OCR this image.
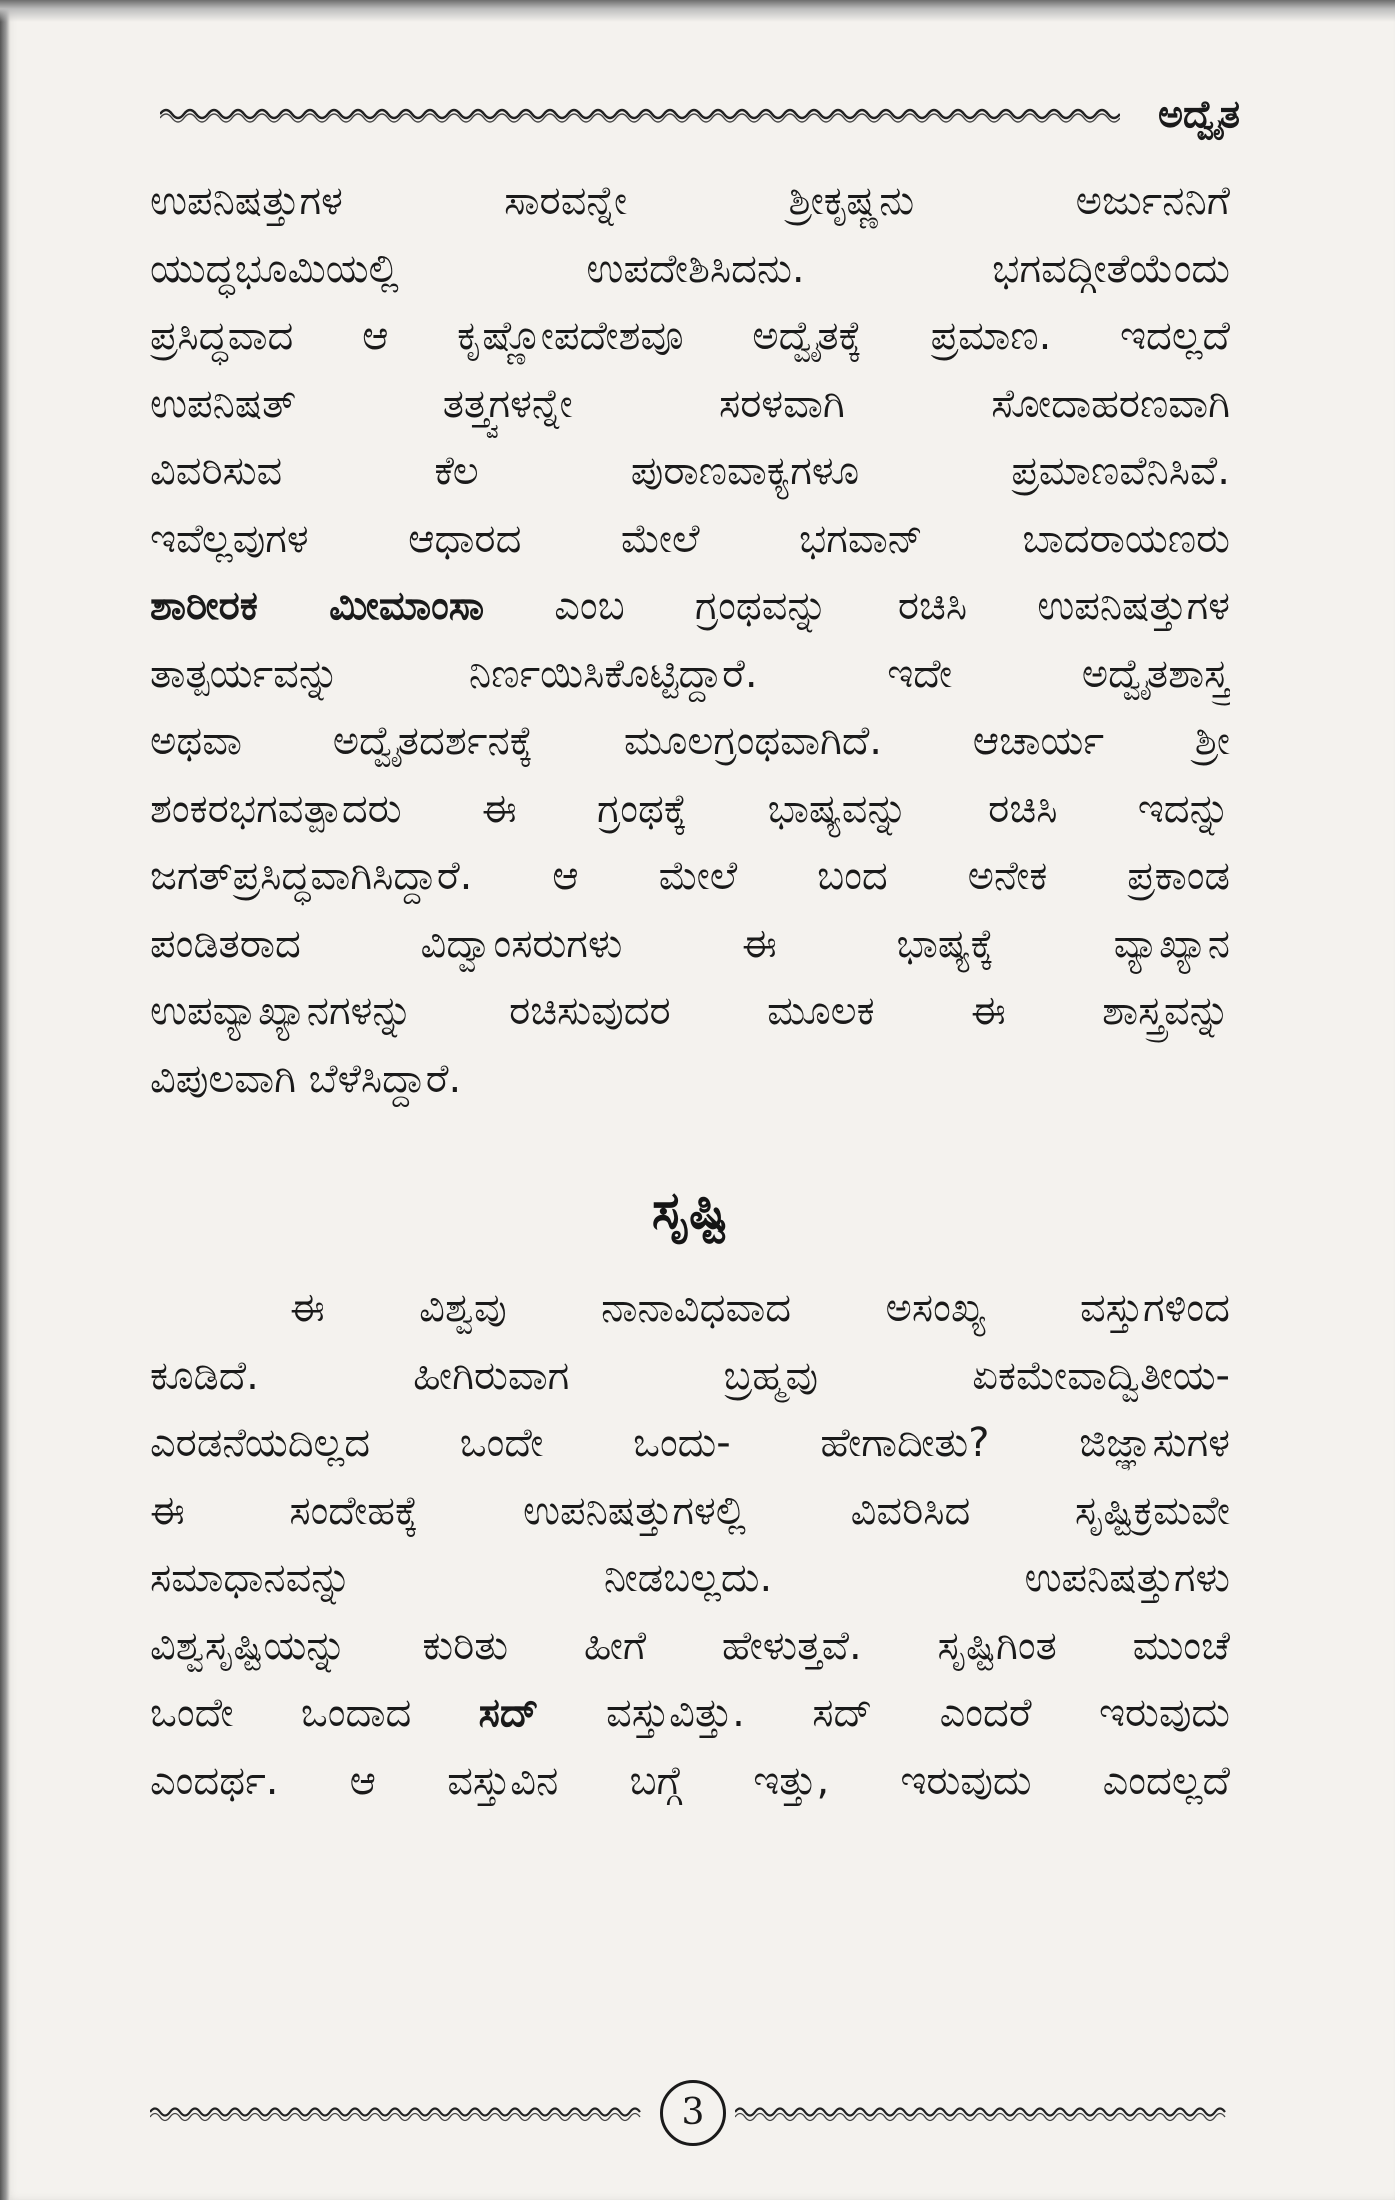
ಅದ್ವೈತ

ಉಪನಿಷತ್ತುಗಳ ಸಾರವನ್ನೇ ಶ್ರೀಕೃಷ್ಣನು ಅರ್ಜುನನಿಗೆ
ಯುದ್ಧಭೂಮಿಯಲ್ಲಿ ಉಪದೇಶಿಸಿದನು. ಭಗವದ್ಗೀತೆಯೆಂದು
ಪ್ರಸಿದ್ಧವಾದ ಆ ಕೃಷ್ಣೋಪದೇಶವೂ ಅದ್ವೈತಕ್ಕೆ ಪ್ರಮಾಣ. ಇದಲ್ಲದೆ
ಉಪನಿಷತ್ ತತ್ತ್ವಗಳನ್ನೇ ಸರಳವಾಗಿ ಸೋದಾಹರಣವಾಗಿ
ವಿವರಿಸುವ ಕೆಲ ಪುರಾಣವಾಕ್ಯಗಳೂ ಪ್ರಮಾಣವೆನಿಸಿವೆ.
ಇವೆಲ್ಲವುಗಳ ಆಧಾರದ ಮೇಲೆ ಭಗವಾನ್ ಬಾದರಾಯಣರು
ಶಾರೀರಕ ಮೀಮಾಂಸಾ ಎಂಬ ಗ್ರಂಥವನ್ನು ರಚಿಸಿ ಉಪನಿಷತ್ತುಗಳ
ತಾತ್ಪರ್ಯವನ್ನು ನಿರ್ಣಯಿಸಿಕೊಟ್ಟಿದ್ದಾರೆ. ಇದೇ ಅದ್ವೈತಶಾಸ್ತ್ರ
ಅಥವಾ ಅದ್ವೈತದರ್ಶನಕ್ಕೆ ಮೂಲಗ್ರಂಥವಾಗಿದೆ. ಆಚಾರ್ಯ ಶ್ರೀ
ಶಂಕರಭಗವತ್ಪಾದರು ಈ ಗ್ರಂಥಕ್ಕೆ ಭಾಷ್ಯವನ್ನು ರಚಿಸಿ ಇದನ್ನು
ಜಗತ್‌ಪ್ರಸಿದ್ಧವಾಗಿಸಿದ್ದಾರೆ. ಆ ಮೇಲೆ ಬಂದ ಅನೇಕ ಪ್ರಕಾಂಡ
ಪಂಡಿತರಾದ ವಿದ್ವಾಂಸರುಗಳು ಈ ಭಾಷ್ಯಕ್ಕೆ ವ್ಯಾಖ್ಯಾನ
ಉಪವ್ಯಾಖ್ಯಾನಗಳನ್ನು ರಚಿಸುವುದರ ಮೂಲಕ ಈ ಶಾಸ್ತ್ರವನ್ನು
ವಿಪುಲವಾಗಿ ಬೆಳೆಸಿದ್ದಾರೆ.

ಸೃಷ್ಟಿ

ಈ ವಿಶ್ವವು ನಾನಾವಿಧವಾದ ಅಸಂಖ್ಯ ವಸ್ತುಗಳಿಂದ
ಕೂಡಿದೆ. ಹೀಗಿರುವಾಗ ಬ್ರಹ್ಮವು ಏಕಮೇವಾದ್ವಿತೀಯ-
ಎರಡನೆಯದಿಲ್ಲದ ಒಂದೇ ಒಂದು- ಹೇಗಾದೀತು? ಜಿಜ್ಞಾಸುಗಳ
ಈ ಸಂದೇಹಕ್ಕೆ ಉಪನಿಷತ್ತುಗಳಲ್ಲಿ ವಿವರಿಸಿದ ಸೃಷ್ಟಿಕ್ರಮವೇ
ಸಮಾಧಾನವನ್ನು ನೀಡಬಲ್ಲದು. ಉಪನಿಷತ್ತುಗಳು
ವಿಶ್ವಸೃಷ್ಟಿಯನ್ನು ಕುರಿತು ಹೀಗೆ ಹೇಳುತ್ತವೆ. ಸೃಷ್ಟಿಗಿಂತ ಮುಂಚೆ
ಒಂದೇ ಒಂದಾದ ಸದ್ ವಸ್ತುವಿತ್ತು. ಸದ್ ಎಂದರೆ ಇರುವುದು
ಎಂದರ್ಥ. ಆ ವಸ್ತುವಿನ ಬಗ್ಗೆ ಇತ್ತು, ಇರುವುದು ಎಂದಲ್ಲದೆ

3
